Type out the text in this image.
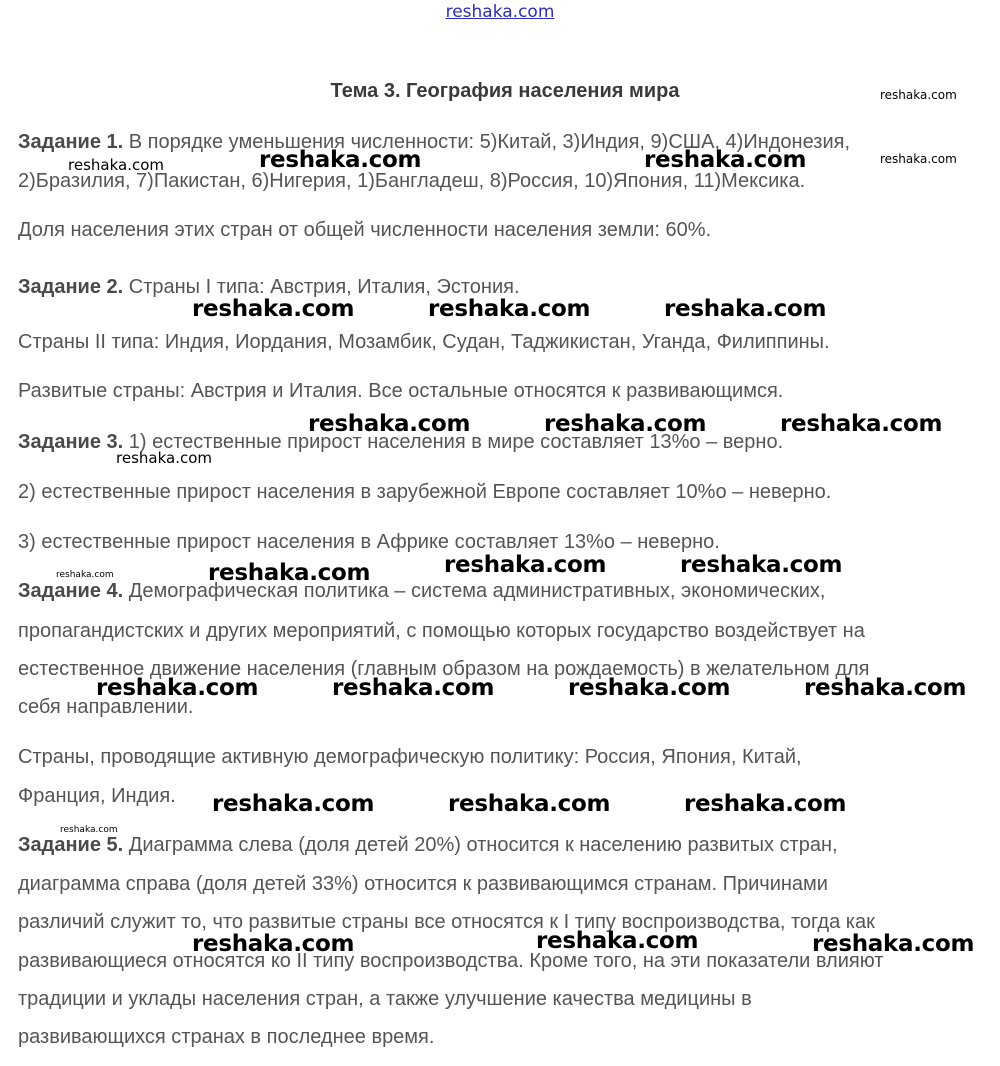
reshaka.com
Тема 3. География населения мира
Задание 1. В порядке уменьшения численности: 5)Китай, 3)Индия, 9)США, 4)Индонезия,
2)Бразилия, 7)Пакистан, 6)Нигерия, 1)Бангладеш, 8)Россия, 10)Япония, 11)Мексика.
Доля населения этих стран от общей численности населения земли: 60%.
Задание 2. Страны I типа: Австрия, Италия, Эстония.
Страны II типа: Индия, Иордания, Мозамбик, Судан, Таджикистан, Уганда, Филиппины.
Развитые страны: Австрия и Италия. Все остальные относятся к развивающимся.
Задание 3. 1) естественные прирост населения в мире составляет 13%о – верно.
2) естественные прирост населения в зарубежной Европе составляет 10%о – неверно.
3) естественные прирост населения в Африке составляет 13%о – неверно.
Задание 4. Демографическая политика – система административных, экономических,
пропагандистских и других мероприятий, с помощью которых государство воздействует на
естественное движение населения (главным образом на рождаемость) в желательном для
себя направлении.
Страны, проводящие активную демографическую политику: Россия, Япония, Китай,
Франция, Индия.
Задание 5. Диаграмма слева (доля детей 20%) относится к населению развитых стран,
диаграмма справа (доля детей 33%) относится к развивающимся странам. Причинами
различий служит то, что развитые страны все относятся к I типу воспроизводства, тогда как
развивающиеся относятся ко II типу воспроизводства. Кроме того, на эти показатели влияют
традиции и уклады населения стран, а также улучшение качества медицины в
развивающихся странах в последнее время.
reshaka.com
reshaka.com	reshaka.com	reshaka.com	reshaka.com
reshaka.com	reshaka.com	reshaka.com
reshaka.com	reshaka.com	reshaka.com
reshaka.com
reshaka.com	reshaka.com	reshaka.com	reshaka.com
reshaka.com	reshaka.com	reshaka.com	reshaka.com
reshaka.com	reshaka.com	reshaka.com
reshaka.com
reshaka.com	reshaka.com	reshaka.com
